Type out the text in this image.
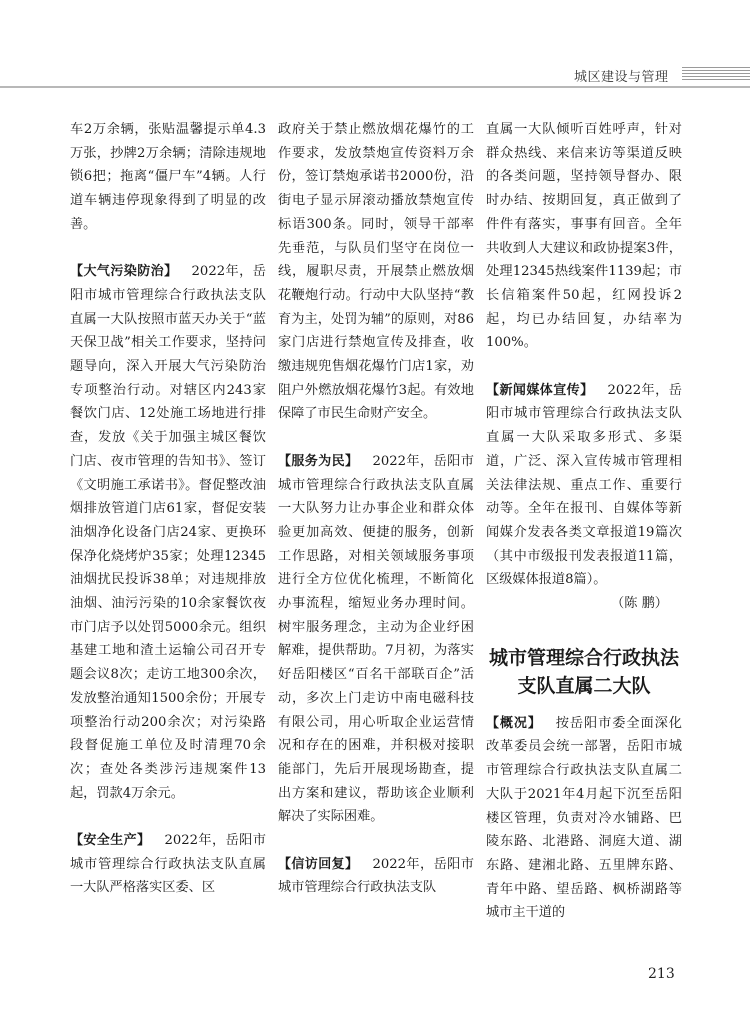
城区建设与管理

车2万余辆，张贴温馨提示单4.3万张，抄牌2万余辆；清除违规地锁6把；拖离“僵尸车”4辆。人行道车辆违停现象得到了明显的改善。

【 大气污染防治 】 2022年，岳阳市城市管理综合行政执法支队直属一大队按照市蓝天办关于“蓝天保卫战”相关工作要求，坚持问题导向，深入开展大气污染防治专项整治行动。对辖区内243家餐饮门店、12处施工场地进行排查，发放《关于加强主城区餐饮门店、夜市管理的告知书》、签订《文明施工承诺书》。督促整改油烟排放管道门店61家，督促安装油烟净化设备门店24家、更换环保净化烧烤炉35家；处理12345油烟扰民投诉38单；对违规排放油烟、油污污染的10余家餐饮夜市门店予以处罚5000余元。组织基建工地和渣土运输公司召开专题会议8次；走访工地300余次，发放整治通知1500余份；开展专项整治行动200余次；对污染路段督促施工单位及时清理70余次；查处各类涉污违规案件13起，罚款4万余元。

【 安全生产 】 2022年，岳阳市城市管理综合行政执法支队直属一大队严格落实区委、区

政府关于禁止燃放烟花爆竹的工作要求，发放禁炮宣传资料万余份，签订禁炮承诺书2000份，沿街电子显示屏滚动播放禁炮宣传标语300条。同时，领导干部率先垂范，与队员们坚守在岗位一线，履职尽责，开展禁止燃放烟花鞭炮行动。行动中大队坚持“教育为主，处罚为辅”的原则，对86家门店进行禁炮宣传及排查，收缴违规兜售烟花爆竹门店1家，劝阻户外燃放烟花爆竹3起。有效地保障了市民生命财产安全。

【 服务为民 】 2022年，岳阳市城市管理综合行政执法支队直属一大队努力让办事企业和群众体验更加高效、便捷的服务，创新工作思路，对相关领域服务事项进行全方位优化梳理，不断简化办事流程，缩短业务办理时间。树牢服务理念，主动为企业纾困解难，提供帮助。7月初，为落实好岳阳楼区“百名干部联百企”活动，多次上门走访中南电磁科技有限公司，用心听取企业运营情况和存在的困难，并积极对接职能部门，先后开展现场勘查，提出方案和建议，帮助该企业顺利解决了实际困难。

【 信访回复 】 2022年，岳阳市城市管理综合行政执法支队

直属一大队倾听百姓呼声，针对群众热线、来信来访等渠道反映的各类问题，坚持领导督办、限时办结、按期回复，真正做到了件件有落实，事事有回音。全年共收到人大建议和政协提案3件，处理12345热线案件1139起；市长信箱案件50起，红网投诉2起，均已办结回复，办结率为100%。

【 新闻媒体宣传 】 2022年，岳阳市城市管理综合行政执法支队直属一大队采取多形式、多渠道，广泛、深入宣传城市管理相关法律法规、重点工作、重要行动等。全年在报刊、自媒体等新闻媒介发表各类文章报道19篇次（其中市级报刊发表报道11篇，区级媒体报道8篇）。

（陈 鹏）

城市管理综合行政执法支队直属二大队

【 概况 】 按岳阳市委全面深化改革委员会统一部署，岳阳市城市管理综合行政执法支队直属二大队于2021年4月起下沉至岳阳楼区管理，负责对冷水铺路、巴陵东路、北港路、洞庭大道、湖东路、建湘北路、五里牌东路、青年中路、望岳路、枫桥湖路等城市主干道的

213
